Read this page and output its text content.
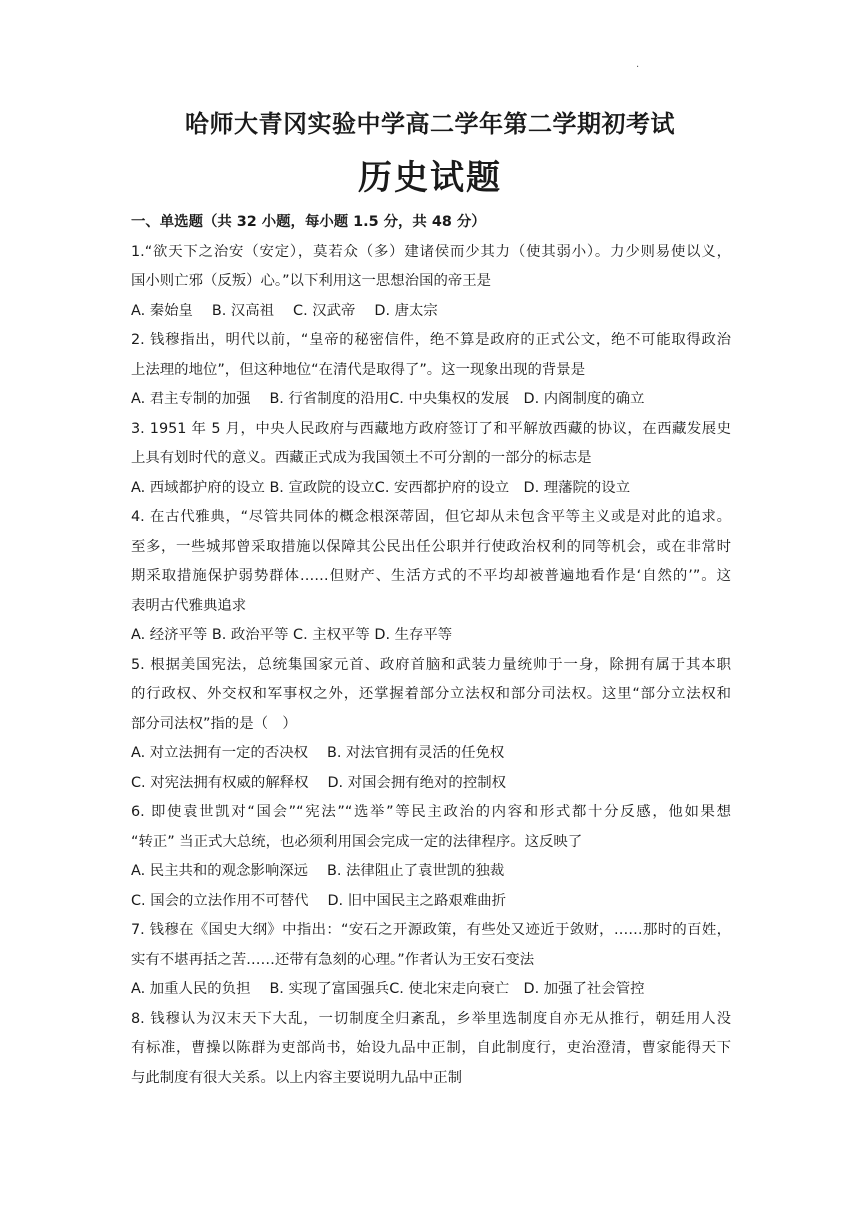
·
哈师大青冈实验中学高二学年第二学期初考试
历史试题
一、单选题（共 32 小题，每小题 1.5 分，共 48 分）
1.“欲天下之治安（安定），莫若众（多）建诸侯而少其力（使其弱小）。力少则易使以义，
国小则亡邪（反叛）心。”以下利用这一思想治国的帝王是
A. 秦始皇　 B. 汉高祖　 C. 汉武帝　 D. 唐太宗
2. 钱穆指出，明代以前，“皇帝的秘密信件，绝不算是政府的正式公文，绝不可能取得政治
上法理的地位”，但这种地位“在清代是取得了”。这一现象出现的背景是
A. 君主专制的加强　 B. 行省制度的沿用C. 中央集权的发展　D. 内阁制度的确立
3. 1951 年 5 月，中央人民政府与西藏地方政府签订了和平解放西藏的协议，在西藏发展史
上具有划时代的意义。西藏正式成为我国领土不可分割的一部分的标志是
A. 西域都护府的设立 B. 宣政院的设立C. 安西都护府的设立　D. 理藩院的设立
4. 在古代雅典，“尽管共同体的概念根深蒂固，但它却从未包含平等主义或是对此的追求。
至多，一些城邦曾采取措施以保障其公民出任公职并行使政治权利的同等机会，或在非常时
期采取措施保护弱势群体……但财产、生活方式的不平均却被普遍地看作是‘自然的’”。这
表明古代雅典追求
A. 经济平等 B. 政治平等 C. 主权平等 D. 生存平等
5. 根据美国宪法，总统集国家元首、政府首脑和武装力量统帅于一身，除拥有属于其本职
的行政权、外交权和军事权之外，还掌握着部分立法权和部分司法权。这里“部分立法权和
部分司法权”指的是（　）
A. 对立法拥有一定的否决权　 B. 对法官拥有灵活的任免权
C. 对宪法拥有权威的解释权　 D. 对国会拥有绝对的控制权
6. 即使袁世凯对“国会”“宪法”“选举”等民主政治的内容和形式都十分反感，他如果想
“转正” 当正式大总统，也必须利用国会完成一定的法律程序。这反映了
A. 民主共和的观念影响深远　 B. 法律阻止了袁世凯的独裁
C. 国会的立法作用不可替代　 D. 旧中国民主之路艰难曲折
7. 钱穆在《国史大纲》中指出：“安石之开源政策，有些处又迹近于敛财，……那时的百姓，
实有不堪再括之苦……还带有急刻的心理。”作者认为王安石变法
A. 加重人民的负担　 B. 实现了富国强兵C. 使北宋走向衰亡　D. 加强了社会管控
8. 钱穆认为汉末天下大乱，一切制度全归紊乱，乡举里选制度自亦无从推行，朝廷用人没
有标准，曹操以陈群为吏部尚书，始设九品中正制，自此制度行，吏治澄清，曹家能得天下
与此制度有很大关系。以上内容主要说明九品中正制
